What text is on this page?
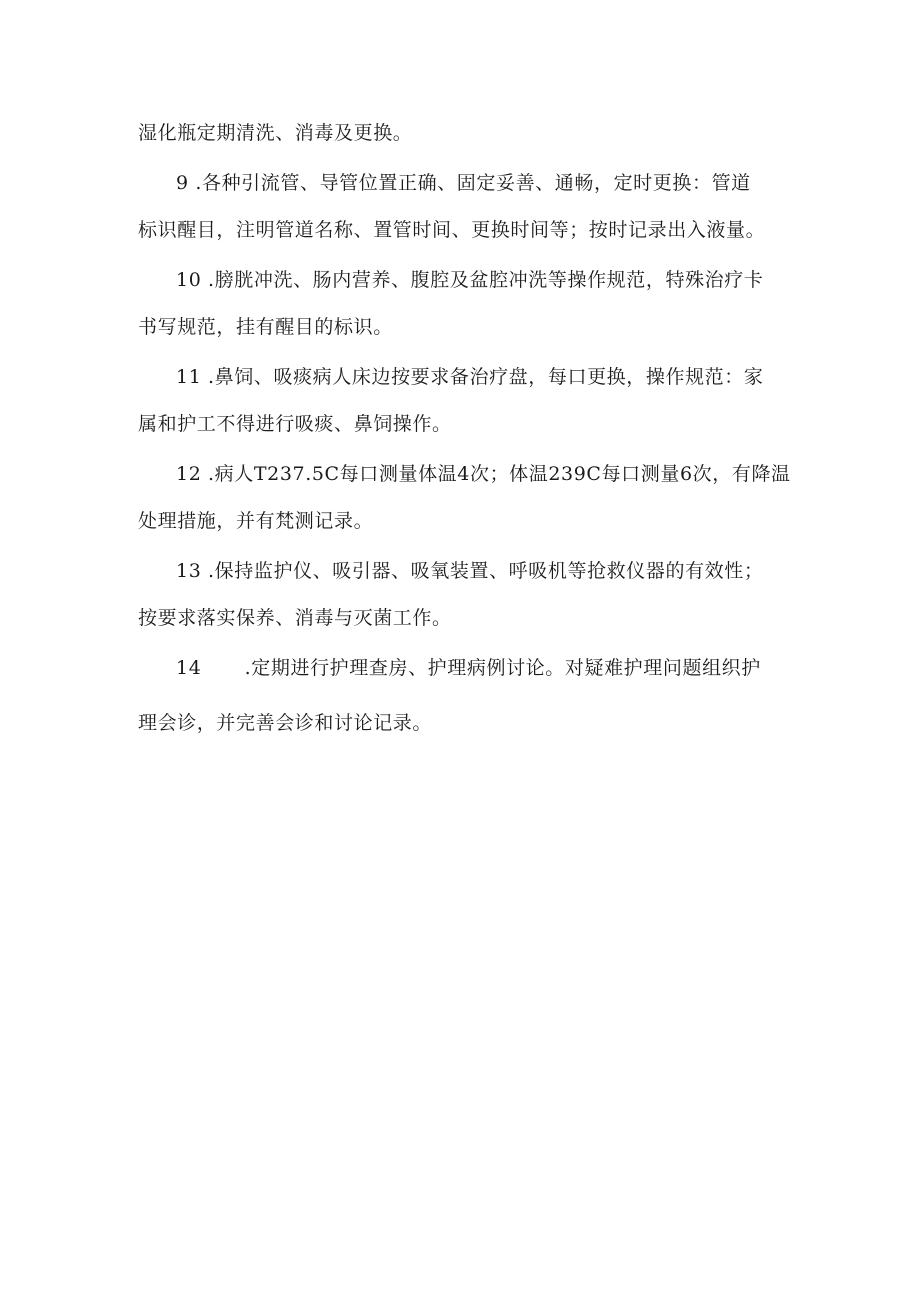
湿化瓶定期清洗、消毒及更换。
9 .各种引流管、导管位置正确、固定妥善、通畅，定时更换：管道
标识醒目，注明管道名称、置管时间、更换时间等；按时记录出入液量。
10 .膀胱冲洗、肠内营养、腹腔及盆腔冲洗等操作规范，特殊治疗卡
书写规范，挂有醒目的标识。
11 .鼻饲、吸痰病人床边按要求备治疗盘，每口更换，操作规范：家
属和护工不得进行吸痰、鼻饲操作。
12 .病人T237.5C每口测量体温4次；体温239C每口测量6次，有降温
处理措施，并有梵测记录。
13 .保持监护仪、吸引器、吸氧装置、呼吸机等抢救仪器的有效性；
按要求落实保养、消毒与灭菌工作。
14 .定期进行护理查房、护理病例讨论。对疑难护理问题组织护
理会诊，并完善会诊和讨论记录。
